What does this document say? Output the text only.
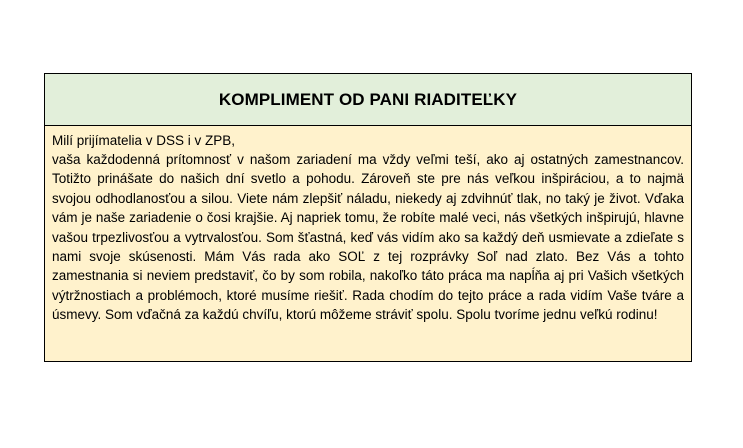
KOMPLIMENT OD PANI RIADITEĽKY
Milí prijímatelia v DSS i v ZPB,

vaša každodenná prítomnosť v našom zariadení ma vždy veľmi teší, ako aj ostatných zamestnancov. Totižto prinášate do našich dní svetlo a pohodu. Zároveň ste pre nás veľkou inšpiráciou, a to najmä svojou odhodlanosťou a silou. Viete nám zlepšiť náladu, niekedy aj zdvihnúť tlak, no taký je život. Vďaka vám je naše zariadenie o čosi krajšie. Aj napriek tomu, že robíte malé veci, nás všetkých inšpirujú, hlavne vašou trpezlivosťou a vytrvalosťou. Som šťastná, keď vás vidím ako sa každý deň usmievate a zdieľate s nami svoje skúsenosti. Mám Vás rada ako SOĽ z tej rozprávky Soľ nad zlato. Bez Vás a tohto zamestnania si neviem predstaviť, čo by som robila, nakoľko táto práca ma napĺňa aj pri Vašich všetkých výtržnostiach a problémoch, ktoré musíme riešiť. Rada chodím do tejto práce a rada vidím Vaše tváre a úsmevy. Som vďačná za každú chvíľu, ktorú môžeme stráviť spolu. Spolu tvoríme jednu veľkú rodinu!
